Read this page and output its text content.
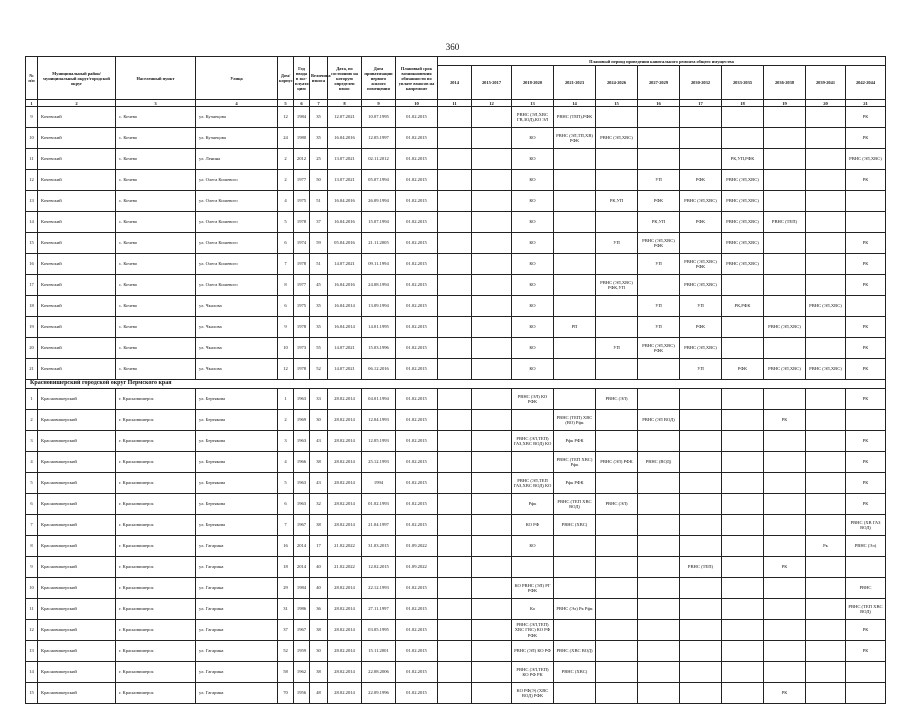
360
№ п/п	Муниципальный район/ муниципальный округ/городской округ	Населенный пункт	Улица	Дом/ корпус	Год ввода в экс-плуата-цию	Величина износа	Дата, по состоянию на которую определен износ	Дата приватизации первого жилого помещения	Плановый срок возникновения обязанности по уплате взносов на капремонт	Плановый период проведения капитального ремонта общего имущества										
										2014	2015-2017	2018-2020	2021-2023	2024-2026	2027-2029	2030-2032	2033-2035	2036-2038	2039-2041	2042-2044
1	2	3	4	5	6	7	8	9	10	11	12	13	14	15	16	17	18	19	20	21
9	Кочевский	с. Кочево	ул. Кузнецова	12	1984	35	12.07.2021	10.07.1995	01.02.2015			РВНС (ЭЛ,ХВС ГВ,ЗОД),КО ЭЛ	РВНС (ТЕП),РФК							РК
10	Кочевский	с. Кочево	ул. Кузнецова	24	1980	35	16.04.2016	12.05.1997	01.02.2015			КО	РВНС (ЭЛ,ТП,ХВ) РФК	РВНС (ЭЛ,ХВС)						РК
11	Кочевский	с. Кочево	ул. Ленина	2	2012	25	13.07.2021	02.11.2012	01.02.2015			КО					РК,УП,РФК			РВНС (ЭЛ,ХВС)
12	Кочевский	с. Кочево	ул. Олега Кошевого	2	1977	50	13.07.2021	05.07.1994	01.02.2015			КО			УП	РФК	РВНС (ЭЛ,ХВС)			РК
13	Кочевский	с. Кочево	ул. Олега Кошевого	4	1975	51	16.04.2016	26.09.1994	01.02.2015			КО		РК,УП	РФК	РВНС (ЭЛ,ХВС)	РВНС (ЭЛ,ХВС)			
14	Кочевский	с. Кочево	ул. Олега Кошевого	5	1978	37	16.04.2016	15.07.1994	01.02.2015			КО			РК,УП	РФК	РВНС (ЭЛ,ХВС)	РВНС (ТЕП)		
15	Кочевский	с. Кочево	ул. Олега Кошевого	6	1974	59	05.04.2016	21.11.2005	01.02.2015			КО		УП	РВНС (ЭЛ,ХВС) РФК		РВНС (ЭЛ,ХВС)			РК
16	Кочевский	с. Кочево	ул. Олега Кошевого	7	1978	51	14.07.2021	09.11.1994	01.02.2015			КО			УП	РВНС (ЭЛ,ХВС) РФК	РВНС (ЭЛ,ХВС)			РК
17	Кочевский	с. Кочево	ул. Олега Кошевого	8	1977	45	16.04.2016	24.08.1994	01.02.2015			КО		РВНС (ЭЛ,ХВС) РФК,УП		РВНС (ЭЛ,ХВС)				РК
18	Кочевский	с. Кочево	ул. Чкалова	6	1975	35	16.04.2014	13.09.1994	01.02.2015			КО			УП	УП	РК,РФК		РВНС (ЭЛ,ХВС)	
19	Кочевский	с. Кочево	ул. Чкалова	9	1978	35	16.04.2014	14.01.1995	01.02.2015			КО	РП		УП	РФК		РВНС (ЭЛ,ХВС)		РК
20	Кочевский	с. Кочево	ул. Чкалова	10	1973	55	14.07.2021	15.03.1996	01.02.2015			КО		УП	РВНС (ЭЛ,ХВС) РФК	РВНС (ЭЛ,ХВС)				РК
21	Кочевский	с. Кочево	ул. Чкалова	12	1978	52	14.07.2021	06.12.2016	01.02.2015			КО				УП	РФК	РВНС (ЭЛ,ХВС)	РВНС (ЭЛ,ХВС)	РК
Красновишерский городской округ Пермского края																				
1	Красновишерский	г. Красновишерск	ул. Бертякова	1	1963	33	28.02.2014	04.01.1994	01.02.2015			РВНС (ЭЛ) КО РФК		РВНС (ЭЛ)						РК
2	Красновишерский	г. Красновишерск	ул. Бертякова	2	1969	30	28.02.2014	12.04.1993	01.02.2015				РВНС (ТЕП) ХВС (ВО) Рфк		РВНС (ЭЛ ВОД)			РК		
3	Красновишерский	г. Красновишерск	ул. Бертякова	3	1963	43	28.02.2014	12.05.1993	01.02.2015			РВНС (ЭЛ,ТЕП) ГАЗ,ХВС ВОД) КО	Рфк РФК							РК
4	Красновишерский	г. Красновишерск	ул. Бертякова	4	1966	38	28.02.2014	25.12.1993	01.02.2015				РВНС (ТЕП ХВС) Рфк	РВНС (ЭЛ) РФК	РВНС (ВОД)					РК
5	Красновишерский	г. Красновишерск	ул. Бертякова	5	1963	43	28.02.2014	1994	01.02.2015			РВНС (ЭЛ,ТЕП ГАЗ,ХВС ВОД) КО	Рфк РФК							РК
6	Красновишерский	г. Красновишерск	ул. Бертякова	6	1963	32	28.02.2014	01.02.1993	01.02.2015			Рфк	РВНС (ТЕП ХВС ВОД)	РВНС (ЭЛ)						РК
7	Красновишерский	г. Красновишерск	ул. Бертякова	7	1967	38	28.02.2014	21.04.1997	01.02.2015			КО РФ	РВНС (ХВС)							РВНС (ХВ ГАЗ ВОД)
8	Красновишерский	г. Красновишерск	ул. Гагарина	16	2014	17	21.02.2022	31.03.2015	01.09.2022			КО							Рк	РВНС (Эл)
9	Красновишерский	г. Красновишерск	ул. Гагарина	18	2014	40	21.02.2022	12.02.2015	01.09.2022							РВНС (ТЕП)		РК		
10	Красновишерский	г. Красновишерск	ул. Гагарина	29	1984	40	28.02.2014	22.12.1993	01.02.2015			КО РВНС (ЭЛ) РГ РФК								РВНС
11	Красновишерский	г. Красновишерск	ул. Гагарина	31	1986	36	28.02.2014	27.11.1997	01.02.2015			Ко	РВНС (Эл) Рк Рфк							РВНС (ТЕП ХВС ВОД)
12	Красновишерский	г. Красновишерск	ул. Гагарина	37	1967	38	28.02.2014	03.05.1995	01.02.2015			РВНС (ЭЛ,ТЕП) ХВС ГВС) КО РФ РФК								РК
13	Красновишерский	г. Красновишерск	ул. Гагарина	52	1959	30	28.02.2014	15.11.2001	01.02.2015			РВНС (ЭЛ) КО РФ	РВНС (ХВС ВОД)							РК
14	Красновишерский	г. Красновишерск	ул. Гагарина	58	1962	38	28.02.2014	22.08.2006	01.02.2015			РВНС (ЭЛ,ТЕП) КО РФ РК	РВНС (ХВС)							
15	Красновишерский	г. Красновишерск	ул. Гагарина	70	1956	48	28.02.2014	22.09.1996	01.02.2015			КО РФ(Э) (ХВС ВОД) РФК						РК		
